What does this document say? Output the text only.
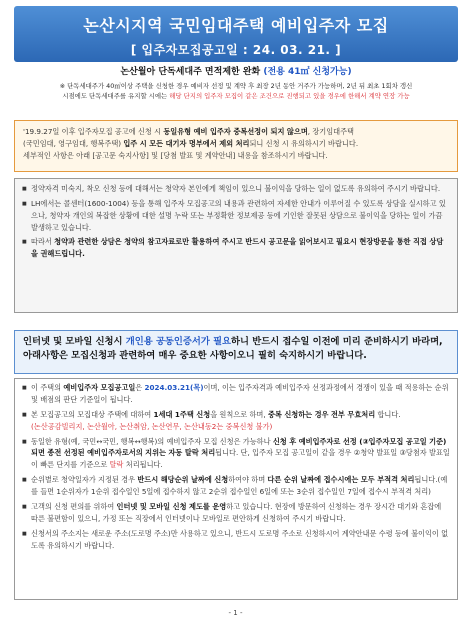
논산시지역 국민임대주택 예비입주자 모집
[ 입주자모집공고일 : 24. 03. 21. ]
논산월아 단독세대주 면적제한 완화 (전용 41㎡ 신청가능)
※ 단독세대주가 40㎡이상 주택을 신청한 경우 예비자 선정 및 계약 후 최장 2년 동안 거주가 가능하며, 2년 뒤 최초 1회차 갱신
시점에도 단독세대주를 유지할 시에는 해당 단지의 입주자 모집이 같은 조건으로 진행되고 있을 경우에 한해서 계약 연장 가능
'19.9.27일 이후 입주자모집 공고에 신청 시 동일유형 예비 입주자 중복선정이 되지 않으며, 장기임대주택
(국민임대, 영구임대, 행복주택) 입주 시 모든 대기자 명부에서 제외 처리되니 신청 시 유의하시기 바랍니다.
세부적인 사항은 아래 [공고문 숙지사항] 및 [당첨 발표 및 계약안내] 내용을 참조하시기 바랍니다.
■ 정약자격 미숙지, 착오 신청 등에 대해서는 청약자 본인에게 책임이 있으니 불이익을 당하는 일이 없도록 유의하여 주시기 바랍니다.
■ LH에서는 콜센터(1600-1004) 등을 통해 입주자 모집공고의 내용과 관련하여 자세한 안내가 이루어질 수 있도록 상담을 실시하고 있으나, 청약자 개인의 복잡한 상황에 대한 설명 누락 또는 부정확한 정보제공 등에 기인한 잘못된 상담으로 불이익을 당하는 일이 가끔 발생하고 있습니다.
■ 따라서 청약과 관련한 상담은 청약의 참고자료로만 활용하여 주시고 반드시 공고문을 읽어보시고 필요시 현장방문을 통한 직접 상담을 권해드립니다.
인터넷 및 모바일 신청시 개인용 공동인증서가 필요하니 반드시 접수일 이전에 미리 준비하시기 바라며, 아래사항은 모집신청과 관련하여 매우 중요한 사항이오니 필히 숙지하시기 바랍니다.
■ 이 주택의 예비입주자 모집공고일은 2024.03.21(목)이며, 이는 입주자격과 예비입주자 선정과정에서 경쟁이 있을 때 적용하는 순위 및 배점의 판단 기준일이 됩니다.
■ 본 모집공고의 모집대상 주택에 대하여 1세대 1주택 신청을 원칙으로 하며, 중복 신청하는 경우 전부 무효처리 합니다.
(논산공감빌리지, 논산월아, 논산취암, 논산연무, 논산내동2는 중복신청 불가)
■ 동일한 유형(예, 국민↔국민, 행복↔행복)의 예비입주자 모집 신청은 가능하나 신청 후 예비입주자로 선정 (③입주자모집 공고일 기준) 되면 종전 선정된 예비입주자로서의 지위는 자동 탈락 처리됩니다. 단, 입주자 모집 공고일이 같을 경우 ②청약 발표일 ③당첨자 발표일이 빠른 단지를 기준으로 탈락 처리됩니다.
■ 순위별로 청약일자가 지정된 경우 반드시 해당순위 날짜에 신청하여야 하며 다른 순위 날짜에 접수시에는 모두 부적격 처리됩니다.(예를 들면 1순위자가 1순위 접수일인 5일에 접수하지 않고 2순위 접수일인 6일에 또는 3순위 접수일인 7일에 접수시 부적격 처리)
■ 고객의 신청 편의를 위하여 인터넷 및 모바일 신청 제도를 운영하고 있습니다. 현장에 방문하여 신청하는 경우 장시간 대기와 혼잡에 따른 불편함이 있으니, 가정 또는 직장에서 인터넷이나 모바일로 편안하게 신청하여 주시기 바랍니다.
■ 신청서의 주소지는 새로운 주소(도로명 주소)만 사용하고 있으니, 반드시 도로명 주소로 신청하시어 계약안내문 수령 등에 불이익이 없도록 유의하시기 바랍니다.
- 1 -
